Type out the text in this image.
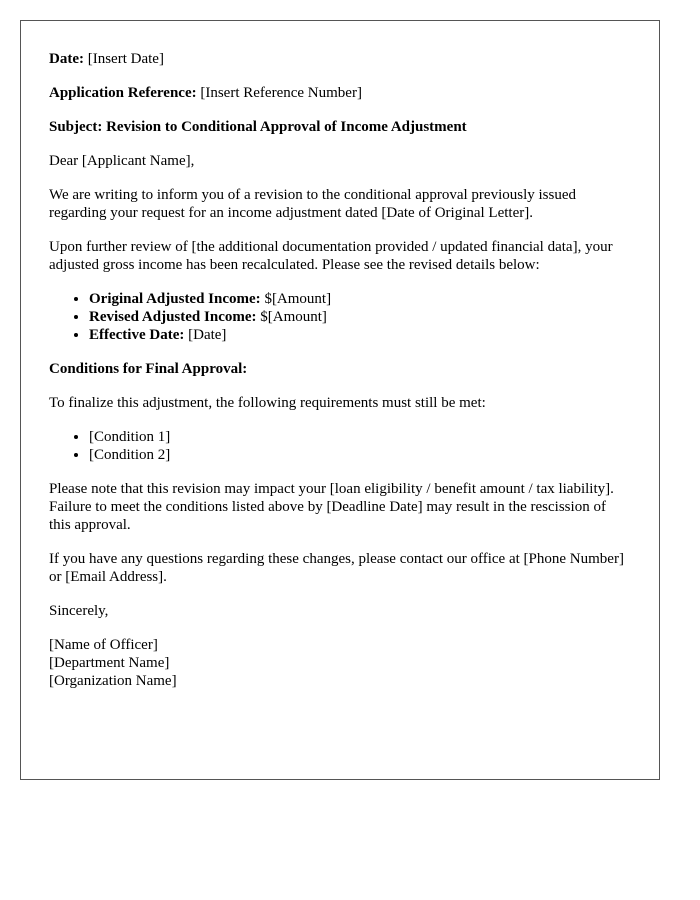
Date: [Insert Date]

Application Reference: [Insert Reference Number]

Subject: Revision to Conditional Approval of Income Adjustment

Dear [Applicant Name],

We are writing to inform you of a revision to the conditional approval previously issued regarding your request for an income adjustment dated [Date of Original Letter].

Upon further review of [the additional documentation provided / updated financial data], your adjusted gross income has been recalculated. Please see the revised details below:

• Original Adjusted Income: $[Amount]
• Revised Adjusted Income: $[Amount]
• Effective Date: [Date]

Conditions for Final Approval:

To finalize this adjustment, the following requirements must still be met:

• [Condition 1]
• [Condition 2]

Please note that this revision may impact your [loan eligibility / benefit amount / tax liability]. Failure to meet the conditions listed above by [Deadline Date] may result in the rescission of this approval.

If you have any questions regarding these changes, please contact our office at [Phone Number] or [Email Address].

Sincerely,

[Name of Officer]
[Department Name]
[Organization Name]
